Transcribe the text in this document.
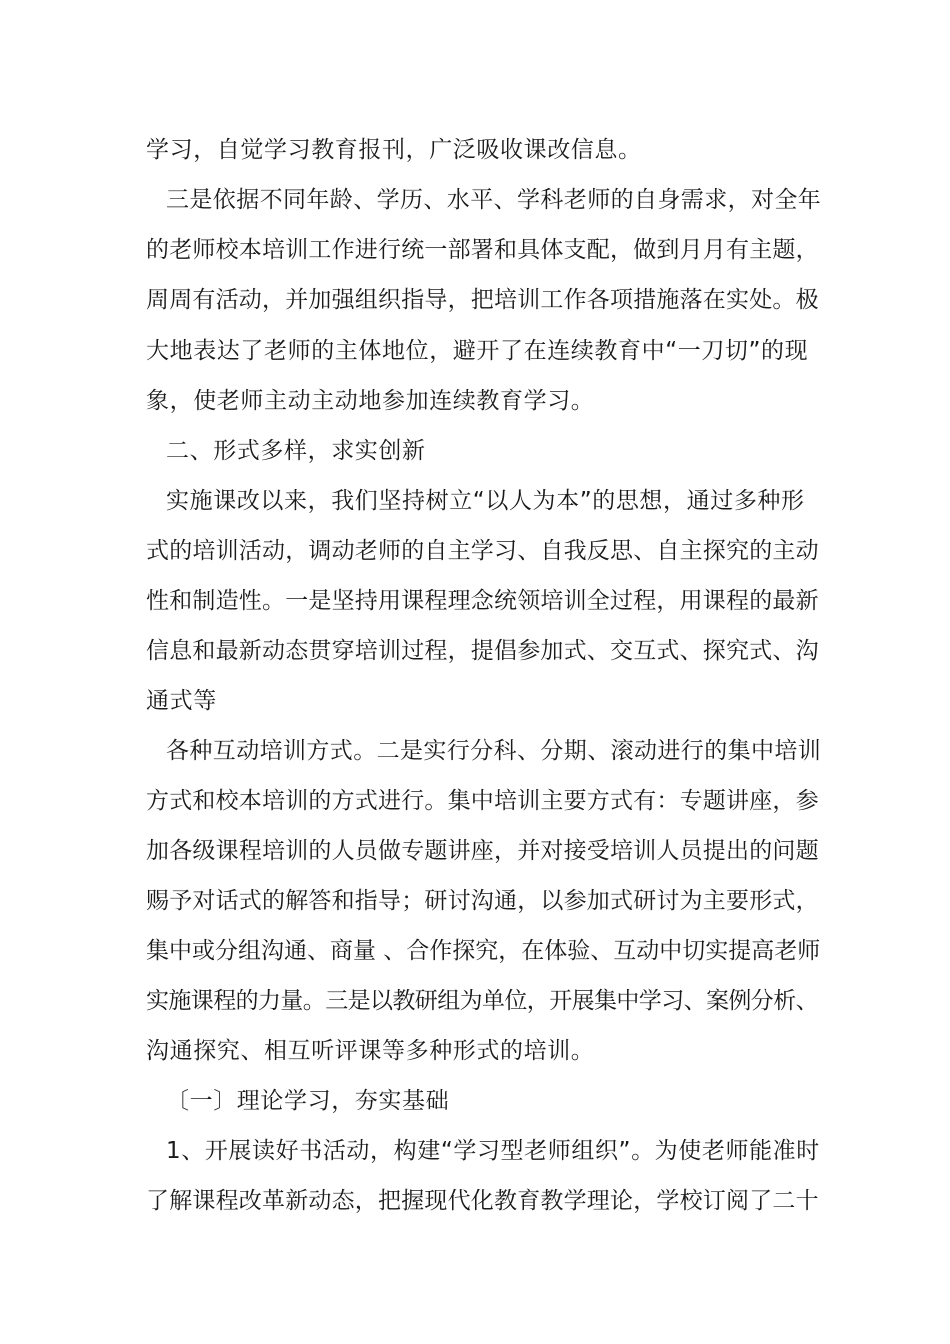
学习，自觉学习教育报刊，广泛吸收课改信息。
三是依据不同年龄、学历、水平、学科老师的自身需求，对全年
的老师校本培训工作进行统一部署和具体支配，做到月月有主题，
周周有活动，并加强组织指导，把培训工作各项措施落在实处。极
大地表达了老师的主体地位，避开了在连续教育中“一刀切”的现
象，使老师主动主动地参加连续教育学习。
二、形式多样，求实创新
实施课改以来，我们坚持树立“以人为本”的思想，通过多种形
式的培训活动，调动老师的自主学习、自我反思、自主探究的主动
性和制造性。一是坚持用课程理念统领培训全过程，用课程的最新
信息和最新动态贯穿培训过程，提倡参加式、交互式、探究式、沟
通式等
各种互动培训方式。二是实行分科、分期、滚动进行的集中培训
方式和校本培训的方式进行。集中培训主要方式有：专题讲座，参
加各级课程培训的人员做专题讲座，并对接受培训人员提出的问题
赐予对话式的解答和指导；研讨沟通，以参加式研讨为主要形式，
集中或分组沟通、商量 、合作探究，在体验、互动中切实提高老师
实施课程的力量。三是以教研组为单位，开展集中学习、案例分析、
沟通探究、相互听评课等多种形式的培训。
〔一〕理论学习，夯实基础
1、开展读好书活动，构建“学习型老师组织”。为使老师能准时
了解课程改革新动态，把握现代化教育教学理论，学校订阅了二十
